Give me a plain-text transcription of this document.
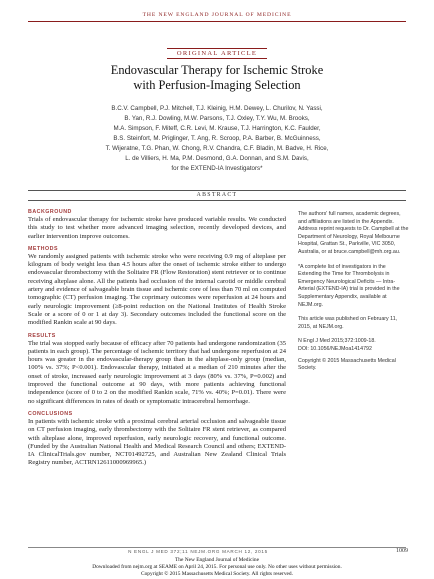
THE NEW ENGLAND JOURNAL OF MEDICINE
ORIGINAL ARTICLE
Endovascular Therapy for Ischemic Stroke
with Perfusion-Imaging Selection
B.C.V. Campbell, P.J. Mitchell, T.J. Kleinig, H.M. Dewey, L. Churilov, N. Yassi,
B. Yan, R.J. Dowling, M.W. Parsons, T.J. Oxley, T.Y. Wu, M. Brooks,
M.A. Simpson, F. Miteff, C.R. Levi, M. Krause, T.J. Harrington, K.C. Faulder,
B.S. Steinfort, M. Priglinger, T. Ang, R. Scroop, P.A. Barber, B. McGuinness,
T. Wijeratne, T.G. Phan, W. Chong, R.V. Chandra, C.F. Bladin, M. Badve, H. Rice,
L. de Villiers, H. Ma, P.M. Desmond, G.A. Donnan, and S.M. Davis,
for the EXTEND-IA Investigators*
ABSTRACT
BACKGROUND

Trials of endovascular therapy for ischemic stroke have produced variable results. We conducted this study to test whether more advanced imaging selection, recently developed devices, and earlier intervention improve outcomes.

METHODS

We randomly assigned patients with ischemic stroke who were receiving 0.9 mg of alteplase per kilogram of body weight less than 4.5 hours after the onset of ischemic stroke either to undergo endovascular thrombectomy with the Solitaire FR (Flow Restoration) stent retriever or to continue receiving alteplase alone. All the patients had occlusion of the internal carotid or middle cerebral artery and evidence of salvageable brain tissue and ischemic core of less than 70 ml on computed tomographic (CT) perfusion imaging. The coprimary outcomes were reperfusion at 24 hours and early neurologic improvement (≥8-point reduction on the National Institutes of Health Stroke Scale or a score of 0 or 1 at day 3). Secondary outcomes included the functional score on the modified Rankin scale at 90 days.

RESULTS

The trial was stopped early because of efficacy after 70 patients had undergone randomization (35 patients in each group). The percentage of ischemic territory that had undergone reperfusion at 24 hours was greater in the endovascular-therapy group than in the alteplase-only group (median, 100% vs. 37%; P<0.001). Endovascular therapy, initiated at a median of 210 minutes after the onset of stroke, increased early neurologic improvement at 3 days (80% vs. 37%, P=0.002) and improved the functional outcome at 90 days, with more patients achieving functional independence (score of 0 to 2 on the modified Rankin scale, 71% vs. 40%; P=0.01). There were no significant differences in rates of death or symptomatic intracerebral hemorrhage.

CONCLUSIONS

In patients with ischemic stroke with a proximal cerebral arterial occlusion and salvageable tissue on CT perfusion imaging, early thrombectomy with the Solitaire FR stent retriever, as compared with alteplase alone, improved reperfusion, early neurologic recovery, and functional outcome. (Funded by the Australian National Health and Medical Research Council and others; EXTEND-IA ClinicalTrials.gov number, NCT01492725, and Australian New Zealand Clinical Trials Registry number, ACTRN12611000969965.)

The authors' full names, academic degrees, and affiliations are listed in the Appendix. Address reprint requests to Dr. Campbell at the Department of Neurology, Royal Melbourne Hospital, Grattan St., Parkville, VIC 3050, Australia, or at bruce.campbell@mh.org.au.

*A complete list of investigators in the Extending the Time for Thrombolysis in Emergency Neurological Deficits — Intra-Arterial (EXTEND-IA) trial is provided in the Supplementary Appendix, available at NEJM.org.

This article was published on February 11, 2015, at NEJM.org.

N Engl J Med 2015;372:1009-18.
DOI: 10.1056/NEJMoa1414792
Copyright © 2015 Massachusetts Medical Society.
N ENGL J MED 372;11 NEJM.ORG MARCH 12, 2015	1009
The New England Journal of Medicine
Downloaded from nejm.org at SEAME on April 24, 2015. For personal use only. No other uses without permission.
Copyright © 2015 Massachusetts Medical Society. All rights reserved.
